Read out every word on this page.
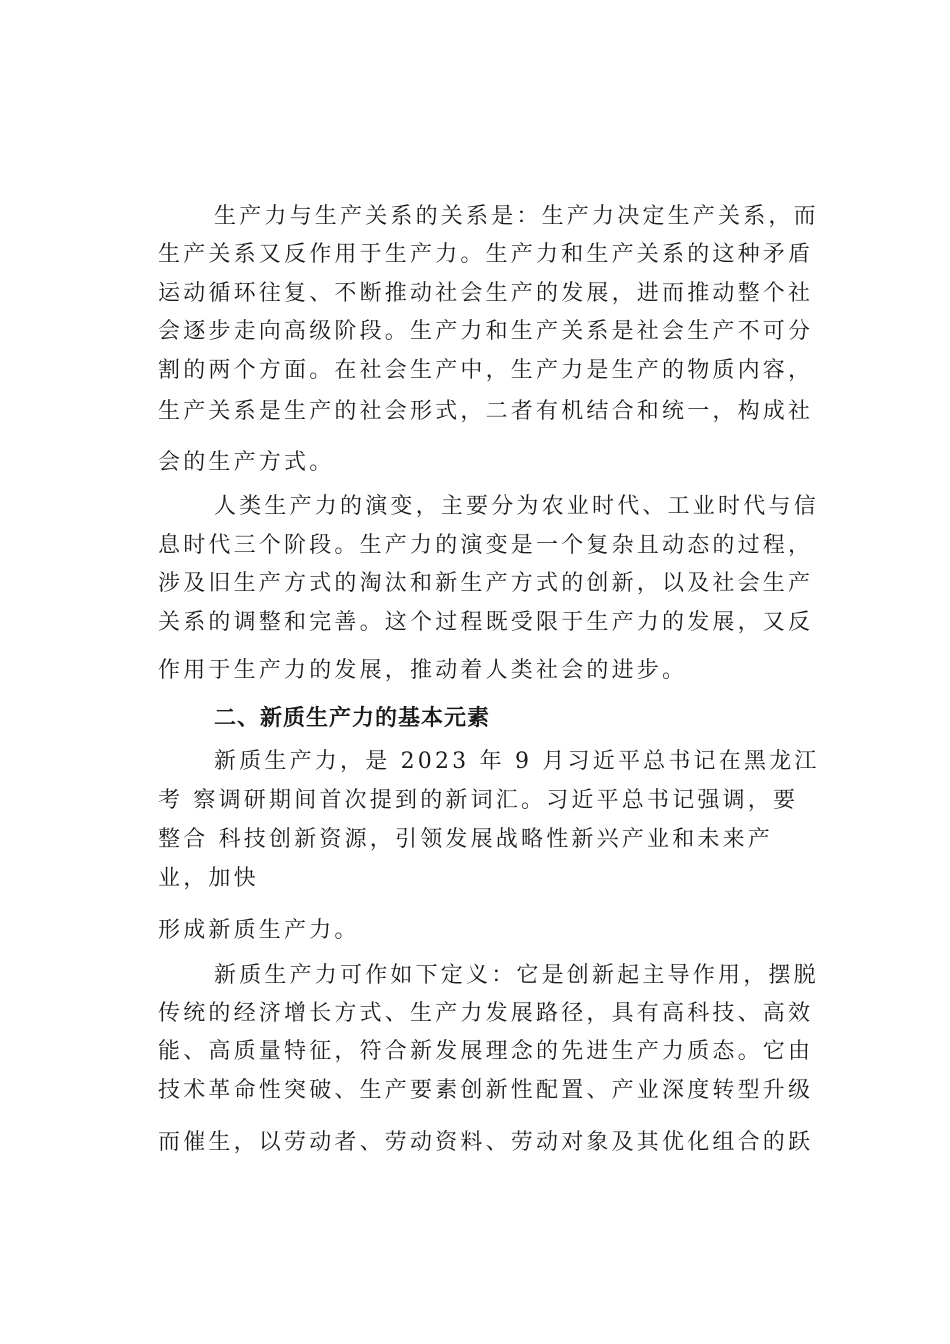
生产力与生产关系的关系是：生产力决定生产关系，而
生产关系又反作用于生产力。生产力和生产关系的这种矛盾
运动循环往复、不断推动社会生产的发展，进而推动整个社
会逐步走向高级阶段。生产力和生产关系是社会生产不可分
割的两个方面。在社会生产中，生产力是生产的物质内容，
生产关系是生产的社会形式，二者有机结合和统一，构成社
会的生产方式。
人类生产力的演变，主要分为农业时代、工业时代与信
息时代三个阶段。生产力的演变是一个复杂且动态的过程，
涉及旧生产方式的淘汰和新生产方式的创新，以及社会生产
关系的调整和完善。这个过程既受限于生产力的发展，又反
作用于生产力的发展，推动着人类社会的进步。
二、新质生产力的基本元素
新质生产力，是 2023 年 9 月习近平总书记在黑龙江
考 察调研期间首次提到的新词汇。习近平总书记强调，要
整合 科技创新资源，引领发展战略性新兴产业和未来产
业，加快
形成新质生产力。
新质生产力可作如下定义：它是创新起主导作用，摆脱
传统的经济增长方式、生产力发展路径，具有高科技、高效
能、高质量特征，符合新发展理念的先进生产力质态。它由
技术革命性突破、生产要素创新性配置、产业深度转型升级
而催生，以劳动者、劳动资料、劳动对象及其优化组合的跃
